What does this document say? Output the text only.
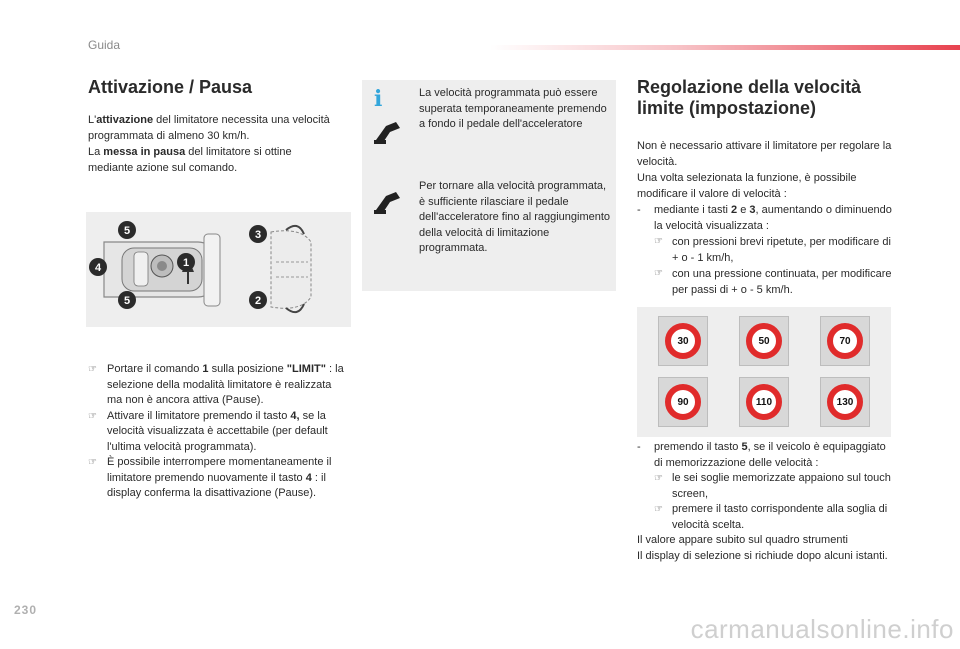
Guida
Attivazione / Pausa

L'attivazione del limitatore necessita una velocità programmata di almeno 30 km/h.

La messa in pausa del limitatore si ottine mediante azione sul comando.

5
4	1
5
3
2
☞ Portare il comando 1 sulla posizione "LIMIT" : la selezione della modalità limitatore è realizzata ma non è ancora attiva (Pause).
☞ Attivare il limitatore premendo il tasto 4, se la velocità visualizzata è accettabile (per default l'ultima velocità programmata).
☞ È possibile interrompere momentaneamente il limitatore premendo nuovamente il tasto 4 : il display conferma la disattivazione (Pause).
i	La velocità programmata può essere superata temporaneamente premendo a fondo il pedale dell'acceleratore
Per tornare alla velocità programmata, è sufficiente rilasciare il pedale dell'acceleratore fino al raggiungimento della velocità di limitazione programmata.
Regolazione della velocità limite (impostazione)

Non è necessario attivare il limitatore per regolare la velocità.

Una volta selezionata la funzione, è possibile modificare il valore di velocità :

- mediante i tasti 2 e 3, aumentando o diminuendo la velocità visualizzata :
☞ con pressioni brevi ripetute, per modificare di + o - 1 km/h,
☞ con una pressione continuata, per modificare per passi di + o - 5 km/h.
30	50	70
90	110	130
- premendo il tasto 5, se il veicolo è equipaggiato di memorizzazione delle velocità :
☞ le sei soglie memorizzate appaiono sul touch screen,
☞ premere il tasto corrispondente alla soglia di velocità scelta.
Il valore appare subito sul quadro strumenti
Il display di selezione si richiude dopo alcuni istanti.
230
carmanualsonline.info
